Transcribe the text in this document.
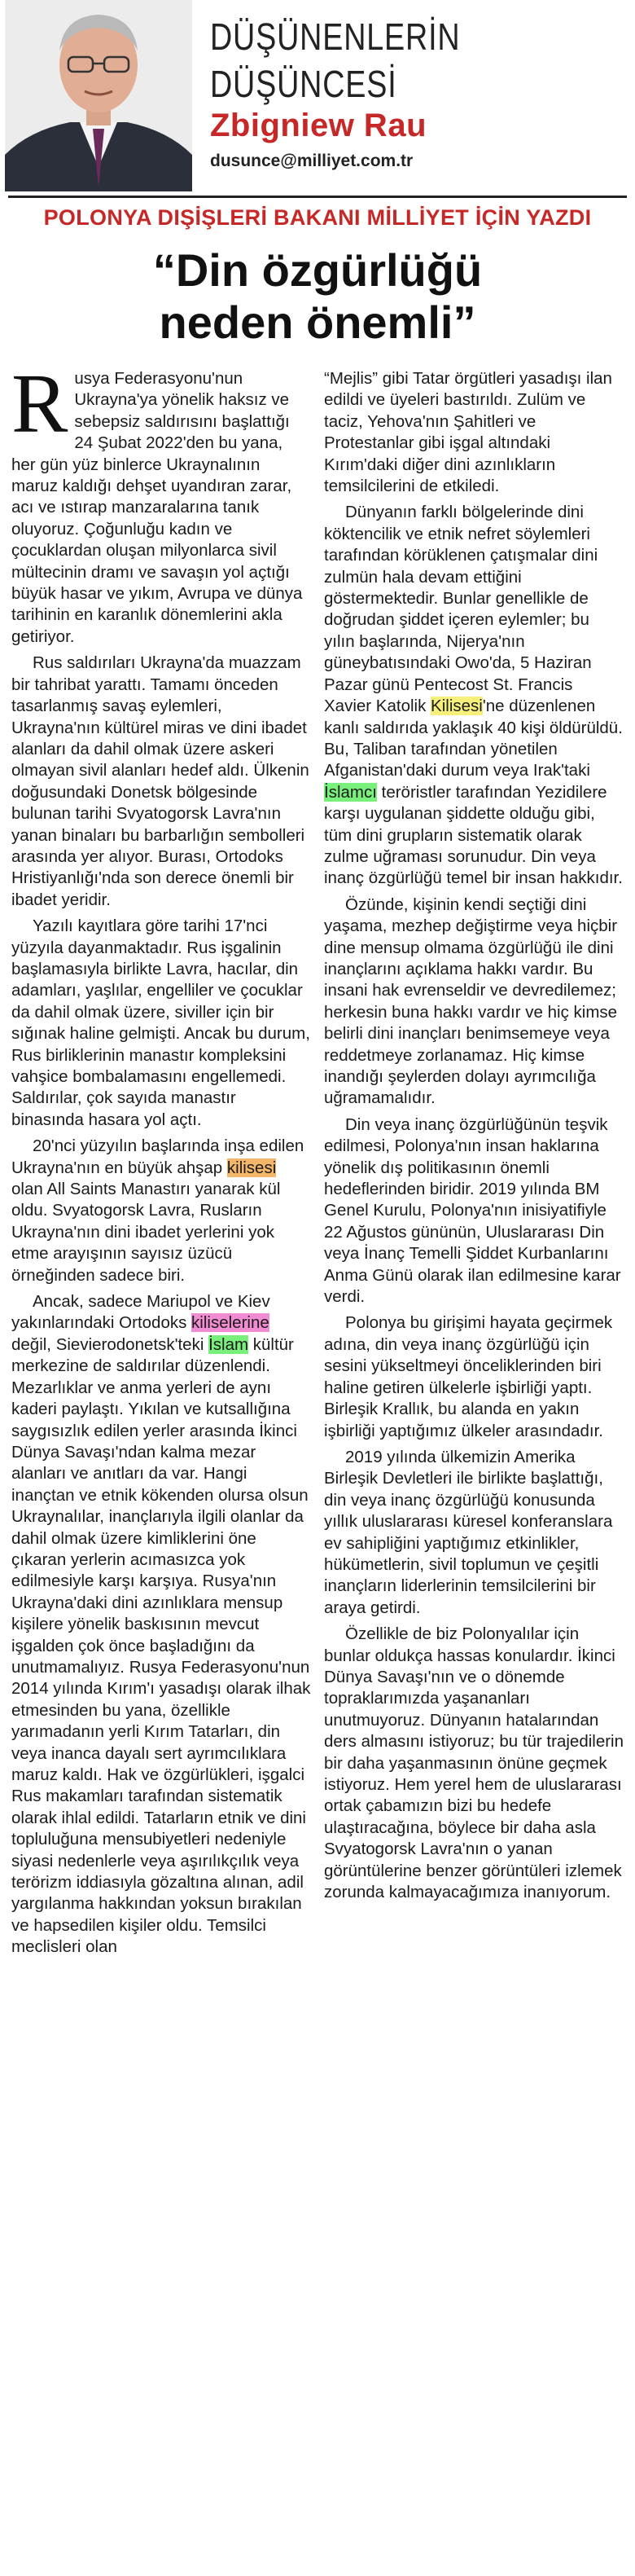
DÜŞÜNENLERİN
DÜŞÜNCESİ
Zbigniew Rau
dusunce@milliyet.com.tr
POLONYA DIŞİŞLERİ BAKANI MİLLİYET İÇİN YAZDI
“Din özgürlüğü
neden önemli”

Rusya Federasyonu'nun Ukrayna'ya yönelik haksız ve sebepsiz saldırısını başlattığı 24 Şubat 2022'den bu yana, her gün yüz binlerce Ukraynalının maruz kaldığı dehşet uyandıran zarar, acı ve ıstırap manzaralarına tanık oluyoruz. Çoğunluğu kadın ve çocuklardan oluşan milyonlarca sivil mültecinin dramı ve savaşın yol açtığı büyük hasar ve yıkım, Avrupa ve dünya tarihinin en karanlık dönemlerini akla getiriyor.

Rus saldırıları Ukrayna'da muazzam bir tahribat yarattı. Tamamı önceden tasarlanmış savaş eylemleri, Ukrayna'nın kültürel miras ve dini ibadet alanları da dahil olmak üzere askeri olmayan sivil alanları hedef aldı. Ülkenin doğusundaki Donetsk bölgesinde bulunan tarihi Svyatogorsk Lavra'nın yanan binaları bu barbarlığın sembolleri arasında yer alıyor. Burası, Ortodoks Hristiyanlığı'nda son derece önemli bir ibadet yeridir.

Yazılı kayıtlara göre tarihi 17'nci yüzyıla dayanmaktadır. Rus işgalinin başlamasıyla birlikte Lavra, hacılar, din adamları, yaşlılar, engelliler ve çocuklar da dahil olmak üzere, siviller için bir sığınak haline gelmişti. Ancak bu durum, Rus birliklerinin manastır kompleksini vahşice bombalamasını engellemedi. Saldırılar, çok sayıda manastır binasında hasara yol açtı.

20'nci yüzyılın başlarında inşa edilen Ukrayna'nın en büyük ahşap kilisesi olan All Saints Manastırı yanarak kül oldu. Svyatogorsk Lavra, Rusların Ukrayna'nın dini ibadet yerlerini yok etme arayışının sayısız üzücü örneğinden sadece biri.

Ancak, sadece Mariupol ve Kiev yakınlarındaki Ortodoks kiliselerine değil, Sievierodonetsk'teki İslam kültür merkezine de saldırılar düzenlendi. Mezarlıklar ve anma yerleri de aynı kaderi paylaştı. Yıkılan ve kutsallığına saygısızlık edilen yerler arasında İkinci Dünya Savaşı'ndan kalma mezar alanları ve anıtları da var. Hangi inançtan ve etnik kökenden olursa olsun Ukraynalılar, inançlarıyla ilgili olanlar da dahil olmak üzere kimliklerini öne çıkaran yerlerin acımasızca yok edilmesiyle karşı karşıya. Rusya'nın Ukrayna'daki dini azınlıklara mensup kişilere yönelik baskısının mevcut işgalden çok önce başladığını da unutmamalıyız. Rusya Federasyonu'nun 2014 yılında Kırım'ı yasadışı olarak ilhak etmesinden bu yana, özellikle yarımadanın yerli Kırım Tatarları, din veya inanca dayalı sert ayrımcılıklara maruz kaldı. Hak ve özgürlükleri, işgalci Rus makamları tarafından sistematik olarak ihlal edildi. Tatarların etnik ve dini topluluğuna mensubiyetleri nedeniyle siyasi nedenlerle veya aşırılıkçılık veya terörizm iddiasıyla gözaltına alınan, adil yargılanma hakkından yoksun bırakılan ve hapsedilen kişiler oldu. Temsilci meclisleri olan

“Mejlis” gibi Tatar örgütleri yasadışı ilan edildi ve üyeleri bastırıldı. Zulüm ve taciz, Yehova'nın Şahitleri ve Protestanlar gibi işgal altındaki Kırım'daki diğer dini azınlıkların temsilcilerini de etkiledi.

Dünyanın farklı bölgelerinde dini köktencilik ve etnik nefret söylemleri tarafından körüklenen çatışmalar dini zulmün hala devam ettiğini göstermektedir. Bunlar genellikle de doğrudan şiddet içeren eylemler; bu yılın başlarında, Nijerya'nın güneybatısındaki Owo'da, 5 Haziran Pazar günü Pentecost St. Francis Xavier Katolik Kilisesi'ne düzenlenen kanlı saldırıda yaklaşık 40 kişi öldürüldü. Bu, Taliban tarafından yönetilen Afganistan'daki durum veya Irak'taki İslamcı teröristler tarafından Yezidilere karşı uygulanan şiddette olduğu gibi, tüm dini grupların sistematik olarak zulme uğraması sorunudur. Din veya inanç özgürlüğü temel bir insan hakkıdır.

Özünde, kişinin kendi seçtiği dini yaşama, mezhep değiştirme veya hiçbir dine mensup olmama özgürlüğü ile dini inançlarını açıklama hakkı vardır. Bu insani hak evrenseldir ve devredilemez; herkesin buna hakkı vardır ve hiç kimse belirli dini inançları benimsemeye veya reddetmeye zorlanamaz. Hiç kimse inandığı şeylerden dolayı ayrımcılığa uğramamalıdır.

Din veya inanç özgürlüğünün teşvik edilmesi, Polonya'nın insan haklarına yönelik dış politikasının önemli hedeflerinden biridir. 2019 yılında BM Genel Kurulu, Polonya'nın inisiyatifiyle 22 Ağustos gününün, Uluslararası Din veya İnanç Temelli Şiddet Kurbanlarını Anma Günü olarak ilan edilmesine karar verdi.

Polonya bu girişimi hayata geçirmek adına, din veya inanç özgürlüğü için sesini yükseltmeyi önceliklerinden biri haline getiren ülkelerle işbirliği yaptı. Birleşik Krallık, bu alanda en yakın işbirliği yaptığımız ülkeler arasındadır.

2019 yılında ülkemizin Amerika Birleşik Devletleri ile birlikte başlattığı, din veya inanç özgürlüğü konusunda yıllık uluslararası küresel konferanslara ev sahipliğini yaptığımız etkinlikler, hükümetlerin, sivil toplumun ve çeşitli inançların liderlerinin temsilcilerini bir araya getirdi.

Özellikle de biz Polonyalılar için bunlar oldukça hassas konulardır. İkinci Dünya Savaşı'nın ve o dönemde topraklarımızda yaşananları unutmuyoruz. Dünyanın hatalarından ders almasını istiyoruz; bu tür trajedilerin bir daha yaşanmasının önüne geçmek istiyoruz. Hem yerel hem de uluslararası ortak çabamızın bizi bu hedefe ulaştıracağına, böylece bir daha asla Svyatogorsk Lavra'nın o yanan görüntülerine benzer görüntüleri izlemek zorunda kalmayacağımıza inanıyorum.
